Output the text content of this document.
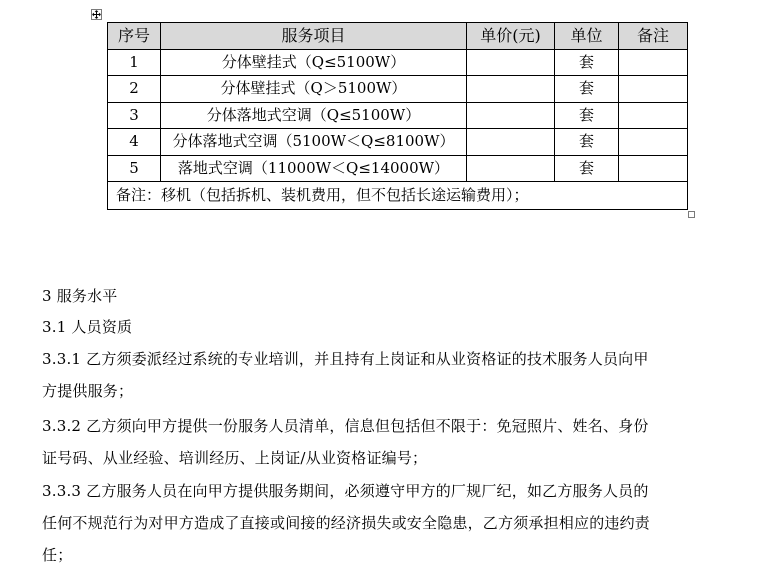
序号	服务项目	单价(元)	单位	备注
1	分体壁挂式（Q≤5100W）		套	
2	分体壁挂式（Q＞5100W）		套	
3	分体落地式空调（Q≤5100W）		套	
4	分体落地式空调（5100W＜Q≤8100W）		套	
5	落地式空调（11000W＜Q≤14000W）		套	
备注：移机（包括拆机、装机费用，但不包括长途运输费用）；				
3 服务水平
3.1 人员资质
3.3.1 乙方须委派经过系统的专业培训，并且持有上岗证和从业资格证的技术服务人员向甲
方提供服务；
3.3.2 乙方须向甲方提供一份服务人员清单，信息但包括但不限于：免冠照片、姓名、身份
证号码、从业经验、培训经历、上岗证/从业资格证编号；
3.3.3 乙方服务人员在向甲方提供服务期间，必须遵守甲方的厂规厂纪，如乙方服务人员的
任何不规范行为对甲方造成了直接或间接的经济损失或安全隐患，乙方须承担相应的违约责
任；
